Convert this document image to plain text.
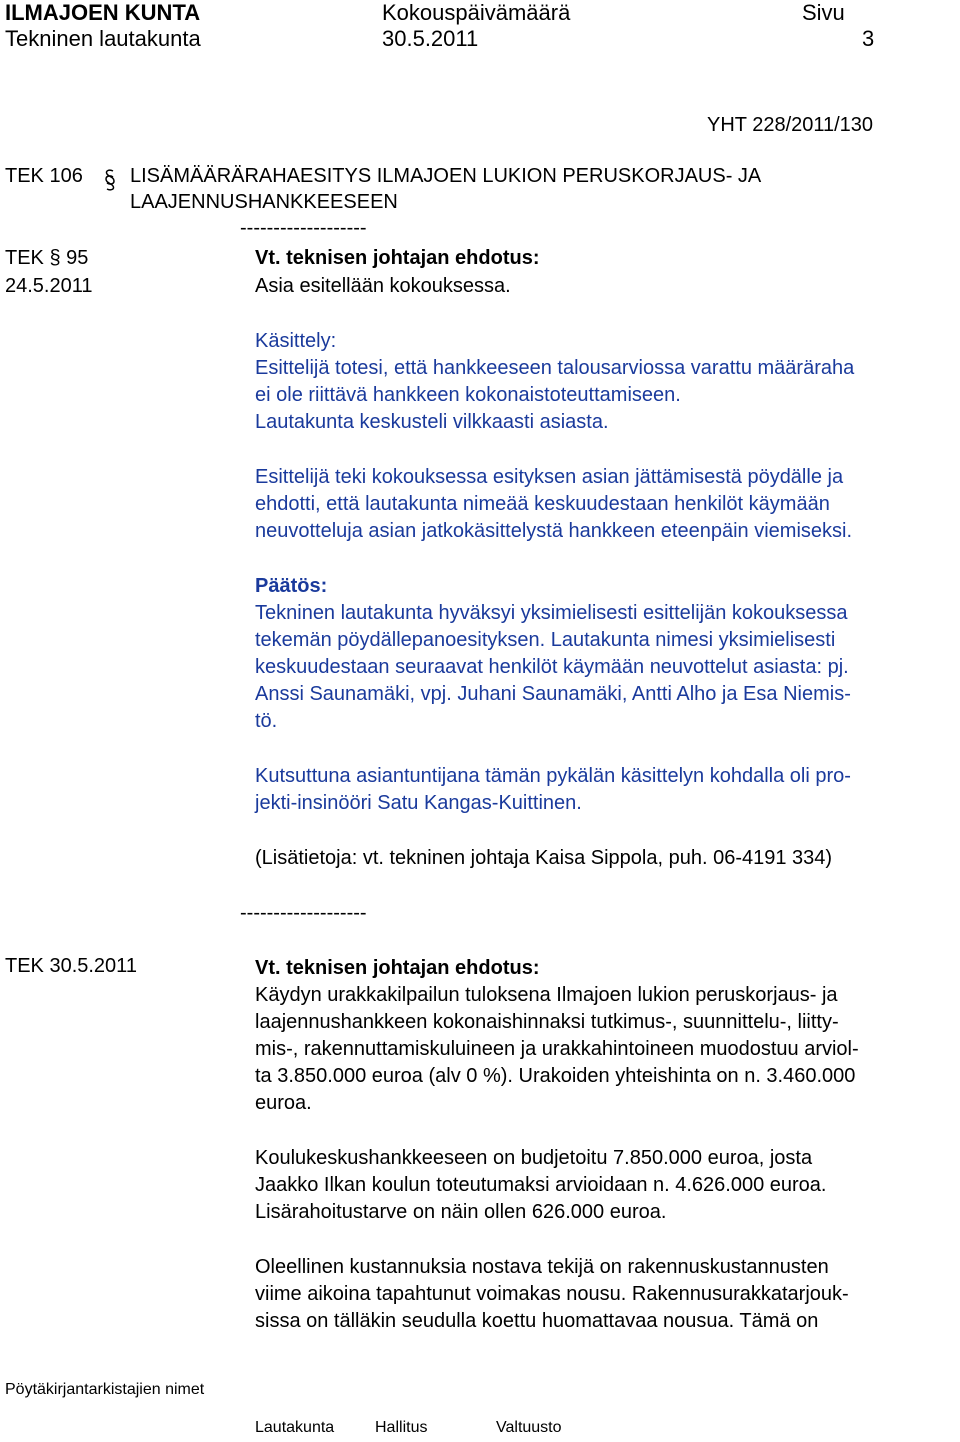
ILMAJOEN KUNTA	Kokouspäivämäärä	Sivu
Tekninen lautakunta	30.5.2011	3
YHT 228/2011/130
TEK 106 LISÄMÄÄRÄRAHAESITYS ILMAJOEN LUKION PERUSKORJAUS- JA
LAAJENNUSHANKKEESEEN
-------------------
TEK § 95
24.5.2011
Vt. teknisen johtajan ehdotus:
Asia esitellään kokouksessa.
Käsittely:
Esittelijä totesi, että hankkeeseen talousarviossa varattu määräraha
ei ole riittävä hankkeen kokonaistoteuttamiseen.
Lautakunta keskusteli vilkkaasti asiasta.
Esittelijä teki kokouksessa esityksen asian jättämisestä pöydälle ja
ehdotti, että lautakunta nimeää keskuudestaan henkilöt käymään
neuvotteluja asian jatkokäsittelystä hankkeen eteenpäin viemiseksi.
Päätös:
Tekninen lautakunta hyväksyi yksimielisesti esittelijän kokouksessa
tekemän pöydällepanoesityksen. Lautakunta nimesi yksimielisesti
keskuudestaan seuraavat henkilöt käymään neuvottelut asiasta: pj.
Anssi Saunamäki, vpj. Juhani Saunamäki, Antti Alho ja Esa Niemis-
tö.
Kutsuttuna asiantuntijana tämän pykälän käsittelyn kohdalla oli pro-
jekti-insinööri Satu Kangas-Kuittinen.
(Lisätietoja: vt. tekninen johtaja Kaisa Sippola, puh. 06-4191 334)
-------------------
TEK 30.5.2011	Vt. teknisen johtajan ehdotus:
Käydyn urakkakilpailun tuloksena Ilmajoen lukion peruskorjaus- ja
laajennushankkeen kokonaishinnaksi tutkimus-, suunnittelu-, liitty-
mis-, rakennuttamiskuluineen ja urakkahintoineen muodostuu arviol-
ta 3.850.000 euroa (alv 0 %). Urakoiden yhteishinta on n. 3.460.000
euroa.
Koulukeskushankkeeseen on budjetoitu 7.850.000 euroa, josta
Jaakko Ilkan koulun toteutumaksi arvioidaan n. 4.626.000 euroa.
Lisärahoitustarve on näin ollen 626.000 euroa.
Oleellinen kustannuksia nostava tekijä on rakennuskustannusten
viime aikoina tapahtunut voimakas nousu. Rakennusurakkatarjouk-
sissa on tälläkin seudulla koettu huomattavaa nousua. Tämä on
Pöytäkirjantarkistajien nimet
Lautakunta	Hallitus	Valtuusto
